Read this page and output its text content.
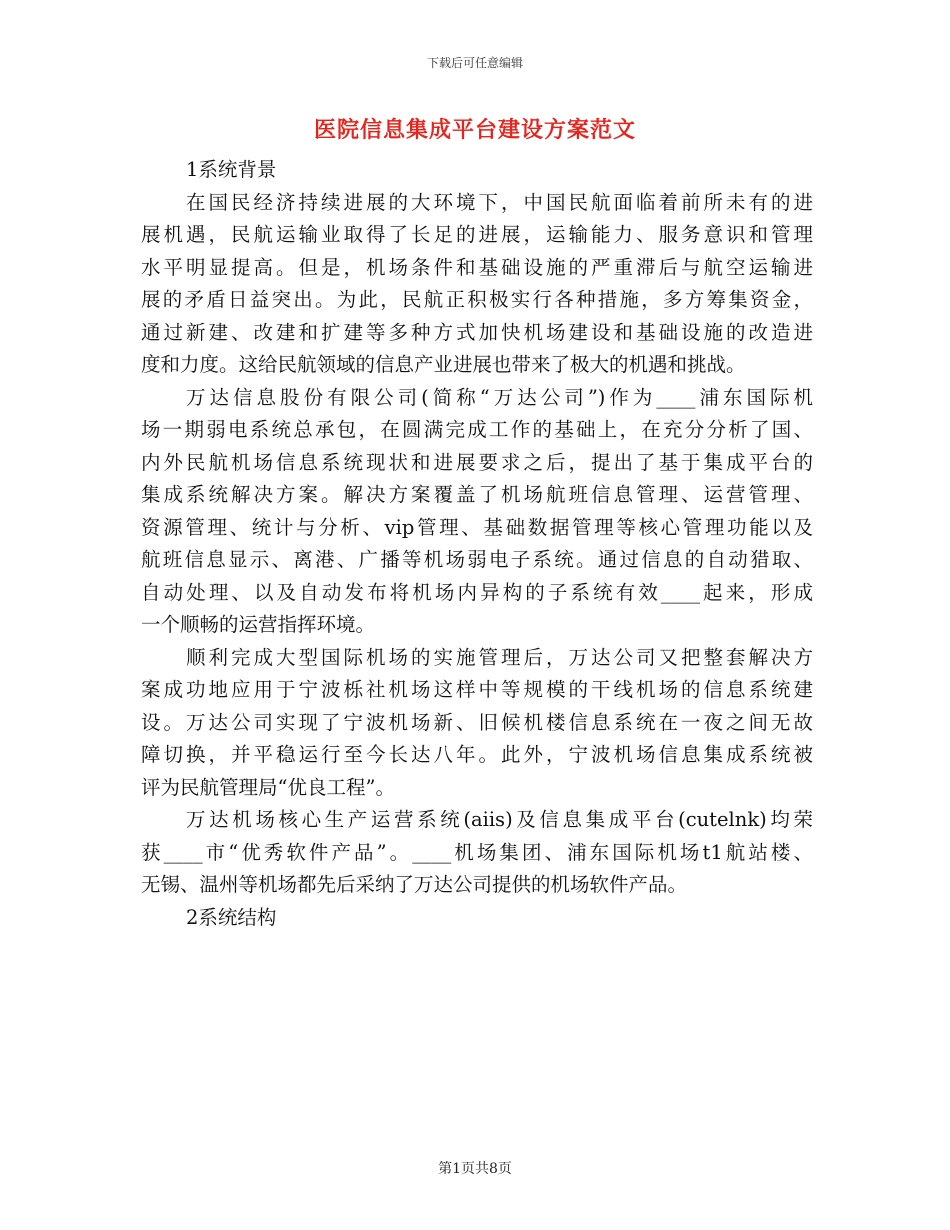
下载后可任意编辑
医院信息集成平台建设方案范文

1系统背景

在国民经济持续进展的大环境下，中国民航面临着前所未有的进
展机遇，民航运输业取得了长足的进展，运输能力、服务意识和管理
水平明显提高。但是，机场条件和基础设施的严重滞后与航空运输进
展的矛盾日益突出。为此，民航正积极实行各种措施，多方筹集资金，
通过新建、改建和扩建等多种方式加快机场建设和基础设施的改造进
度和力度。这给民航领域的信息产业进展也带来了极大的机遇和挑战。
万达信息股份有限公司(简称“万达公司”)作为____浦东国际机
场一期弱电系统总承包，在圆满完成工作的基础上，在充分分析了国、
内外民航机场信息系统现状和进展要求之后，提出了基于集成平台的
集成系统解决方案。解决方案覆盖了机场航班信息管理、运营管理、
资源管理、统计与分析、vip管理、基础数据管理等核心管理功能以及
航班信息显示、离港、广播等机场弱电子系统。通过信息的自动猎取、
自动处理、以及自动发布将机场内异构的子系统有效____起来，形成
一个顺畅的运营指挥环境。
顺利完成大型国际机场的实施管理后，万达公司又把整套解决方
案成功地应用于宁波栎社机场这样中等规模的干线机场的信息系统建
设。万达公司实现了宁波机场新、旧候机楼信息系统在一夜之间无故
障切换，并平稳运行至今长达八年。此外，宁波机场信息集成系统被
评为民航管理局“优良工程”。
万达机场核心生产运营系统(aiis)及信息集成平台(cutelnk)均荣
获____市“优秀软件产品”。____机场集团、浦东国际机场t1航站楼、
无锡、温州等机场都先后采纳了万达公司提供的机场软件产品。

2系统结构

第1页共8页
